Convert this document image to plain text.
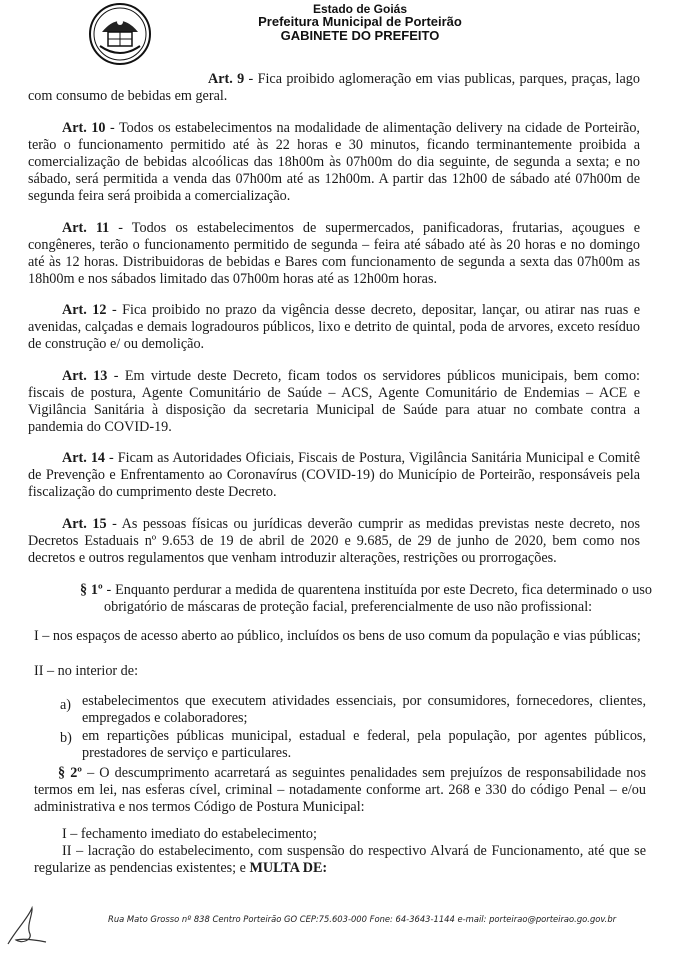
Estado de Goiás
Prefeitura Municipal de Porteirão
GABINETE DO PREFEITO
Art. 9 - Fica proibido aglomeração em vias publicas, parques, praças, lago com consumo de bebidas em geral.
Art. 10 - Todos os estabelecimentos na modalidade de alimentação delivery na cidade de Porteirão, terão o funcionamento permitido até às 22 horas e 30 minutos, ficando terminantemente proibida a comercialização de bebidas alcoólicas das 18h00m às 07h00m do dia seguinte, de segunda a sexta; e no sábado, será permitida a venda das 07h00m até as 12h00m. A partir das 12h00 de sábado até 07h00m de segunda feira será proibida a comercialização.
Art. 11 - Todos os estabelecimentos de supermercados, panificadoras, frutarias, açougues e congêneres, terão o funcionamento permitido de segunda – feira até sábado até às 20 horas e no domingo até às 12 horas. Distribuidoras de bebidas e Bares com funcionamento de segunda a sexta das 07h00m as 18h00m e nos sábados limitado das 07h00m horas até as 12h00m horas.
Art. 12 - Fica proibido no prazo da vigência desse decreto, depositar, lançar, ou atirar nas ruas e avenidas, calçadas e demais logradouros públicos, lixo e detrito de quintal, poda de arvores, exceto resíduo de construção e/ ou demolição.
Art. 13 - Em virtude deste Decreto, ficam todos os servidores públicos municipais, bem como: fiscais de postura, Agente Comunitário de Saúde – ACS, Agente Comunitário de Endemias – ACE e Vigilância Sanitária à disposição da secretaria Municipal de Saúde para atuar no combate contra a pandemia do COVID-19.
Art. 14 - Ficam as Autoridades Oficiais, Fiscais de Postura, Vigilância Sanitária Municipal e Comitê de Prevenção e Enfrentamento ao Coronavírus (COVID-19) do Município de Porteirão, responsáveis pela fiscalização do cumprimento deste Decreto.
Art. 15 - As pessoas físicas ou jurídicas deverão cumprir as medidas previstas neste decreto, nos Decretos Estaduais nº 9.653 de 19 de abril de 2020 e 9.685, de 29 de junho de 2020, bem como nos decretos e outros regulamentos que venham introduzir alterações, restrições ou prorrogações.
§ 1º - Enquanto perdurar a medida de quarentena instituída por este Decreto, fica determinado o uso obrigatório de máscaras de proteção facial, preferencialmente de uso não profissional:
I – nos espaços de acesso aberto ao público, incluídos os bens de uso comum da população e vias públicas;
II – no interior de:
a) estabelecimentos que executem atividades essenciais, por consumidores, fornecedores, clientes, empregados e colaboradores;
b) em repartições públicas municipal, estadual e federal, pela população, por agentes públicos, prestadores de serviço e particulares.
§ 2º – O descumprimento acarretará as seguintes penalidades sem prejuízos de responsabilidade nos termos em lei, nas esferas cível, criminal – notadamente conforme art. 268 e 330 do código Penal – e/ou administrativa e nos termos Código de Postura Municipal:
I – fechamento imediato do estabelecimento;
II – lacração do estabelecimento, com suspensão do respectivo Alvará de Funcionamento, até que se regularize as pendencias existentes; e MULTA DE:
Rua Mato Grosso nº 838 Centro Porteirão GO CEP:75.603-000 Fone: 64-3643-1144 e-mail: porteirao@porteirao.go.gov.br
